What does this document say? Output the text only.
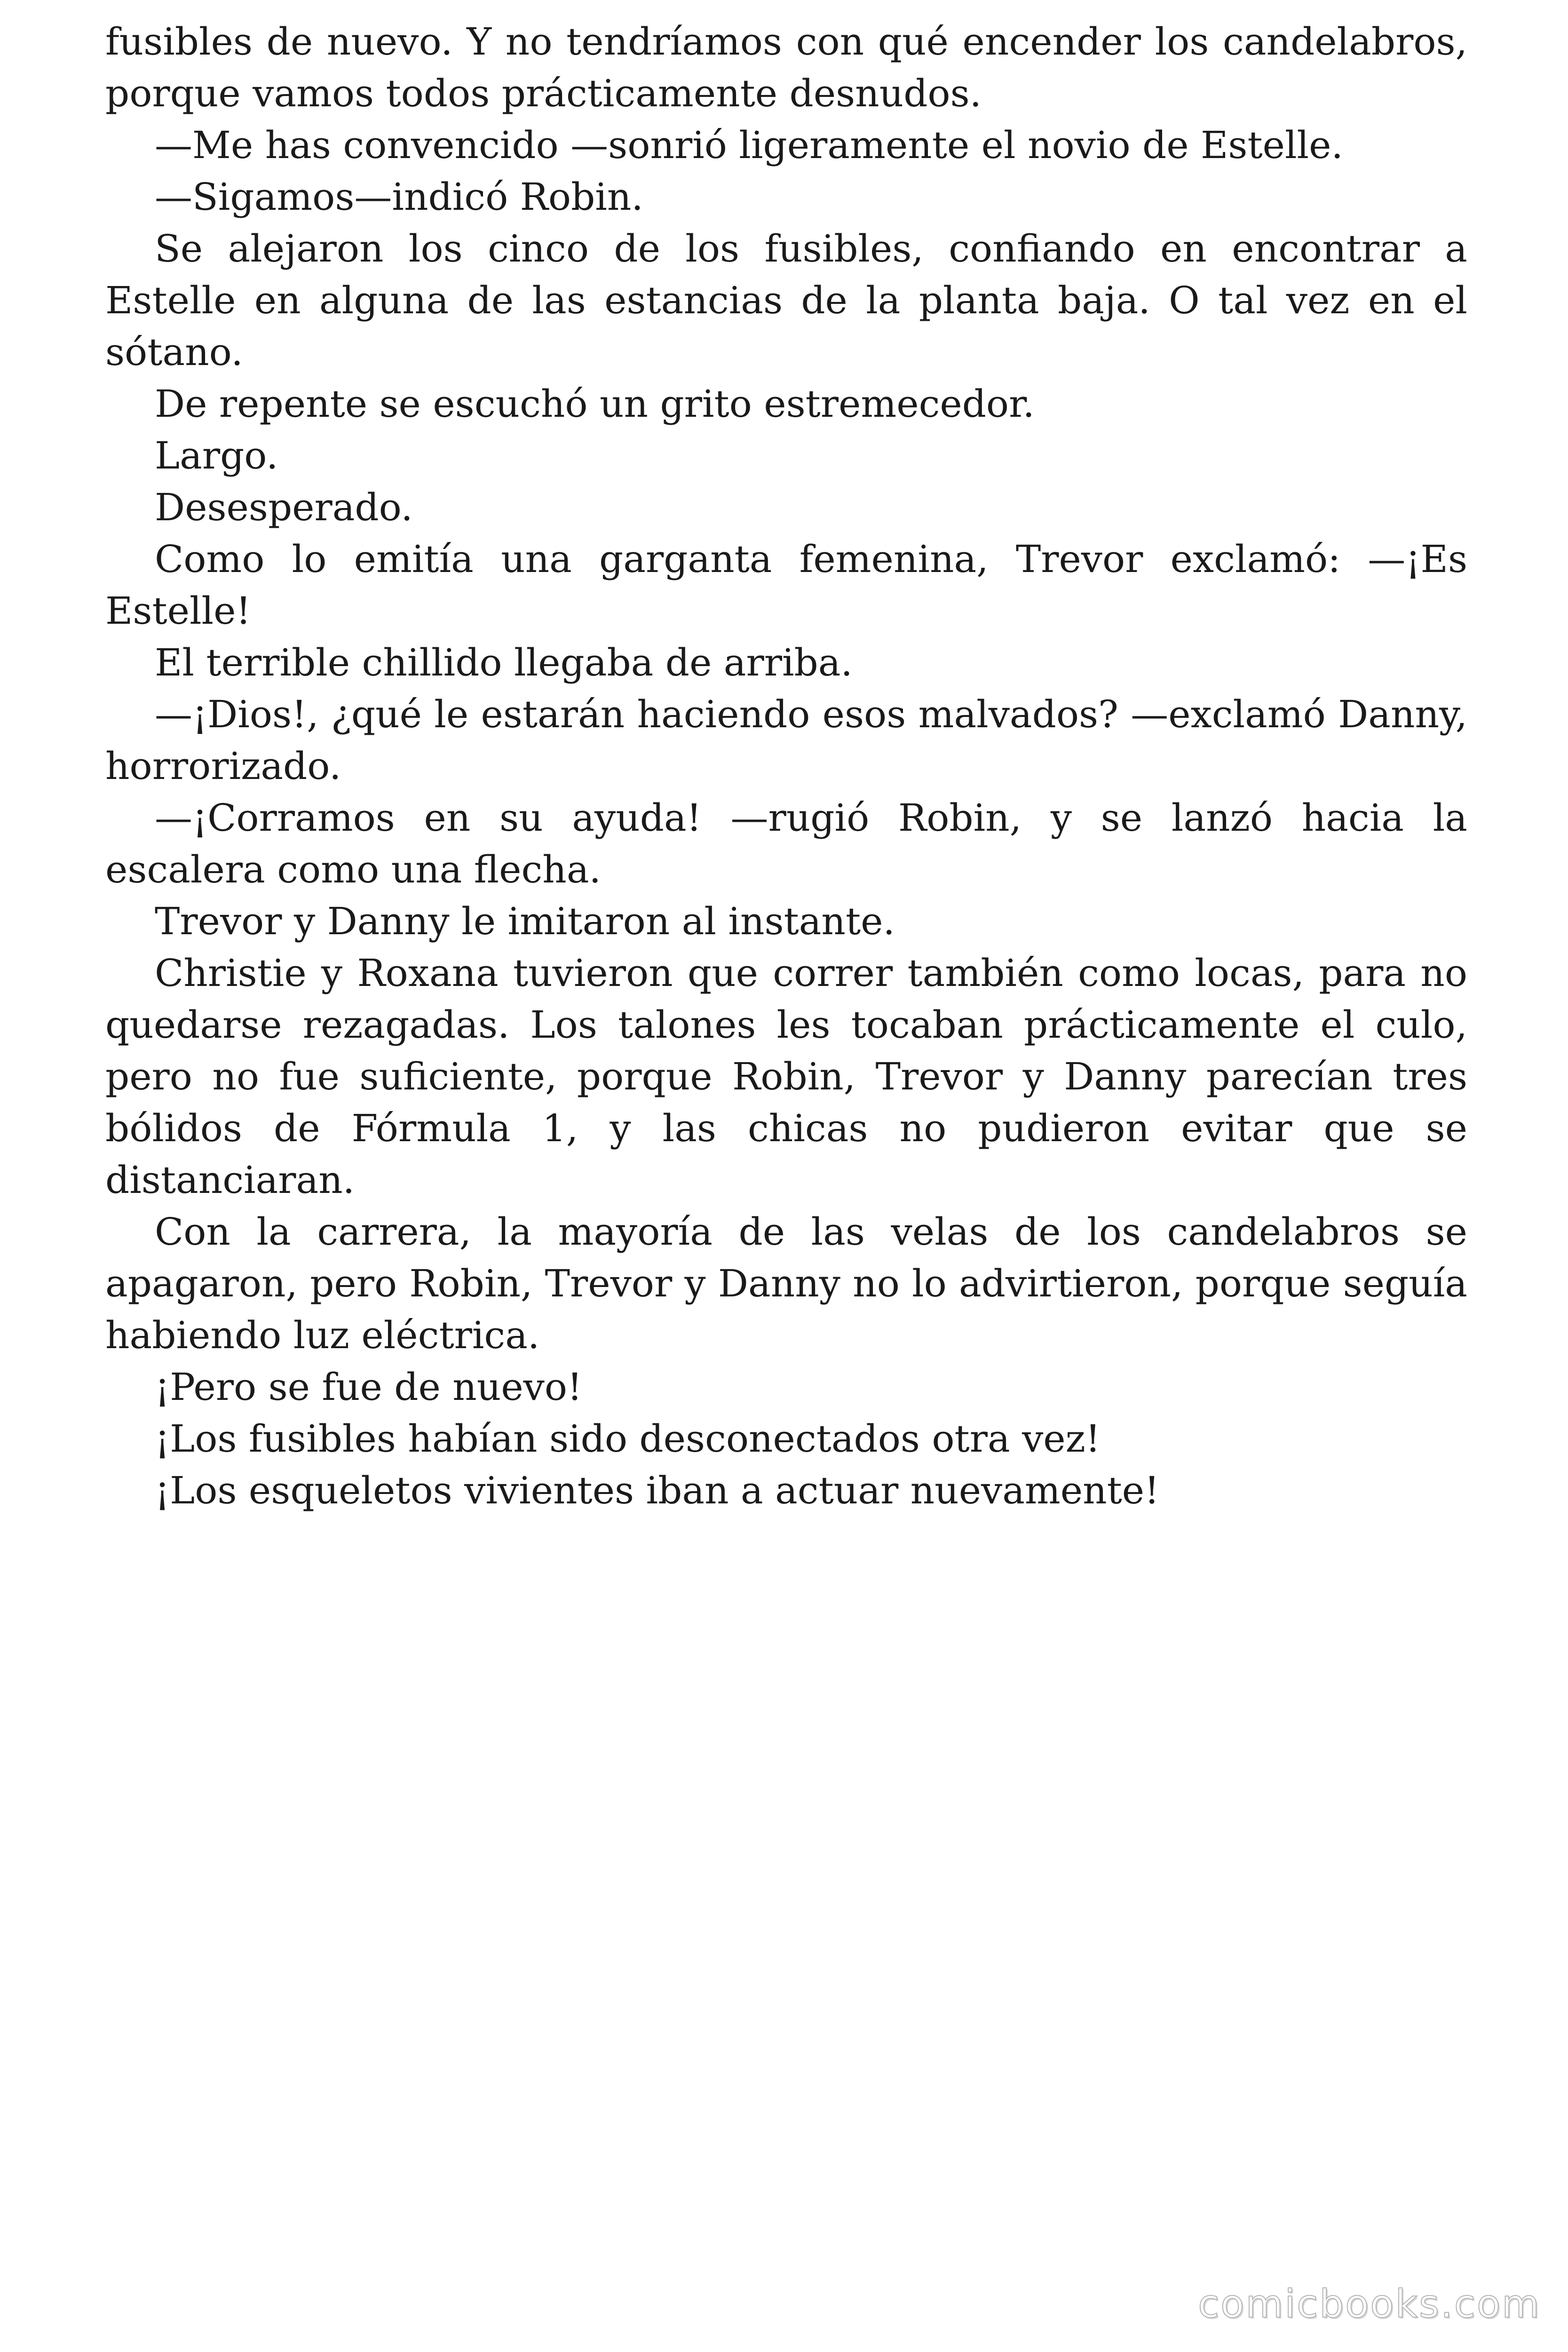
fusibles de nuevo. Y no tendríamos con qué encender los candelabros, porque vamos todos prácticamente desnudos.

—Me has convencido —sonrió ligeramente el novio de Estelle.

—Sigamos—indicó Robin.

Se alejaron los cinco de los fusibles, confiando en encontrar a Estelle en alguna de las estancias de la planta baja. O tal vez en el sótano.

De repente se escuchó un grito estremecedor.

Largo.

Desesperado.

Como lo emitía una garganta femenina, Trevor exclamó: —¡Es Estelle!

El terrible chillido llegaba de arriba.

—¡Dios!, ¿qué le estarán haciendo esos malvados? —exclamó Danny, horrorizado.

—¡Corramos en su ayuda! —rugió Robin, y se lanzó hacia la escalera como una flecha.

Trevor y Danny le imitaron al instante.

Christie y Roxana tuvieron que correr también como locas, para no quedarse rezagadas. Los talones les tocaban prácticamente el culo, pero no fue suficiente, porque Robin, Trevor y Danny parecían tres bólidos de Fórmula 1, y las chicas no pudieron evitar que se distanciaran.

Con la carrera, la mayoría de las velas de los candelabros se apagaron, pero Robin, Trevor y Danny no lo advirtieron, porque seguía habiendo luz eléctrica.

¡Pero se fue de nuevo!

¡Los fusibles habían sido desconectados otra vez!

¡Los esqueletos vivientes iban a actuar nuevamente!

comicbooks.com
